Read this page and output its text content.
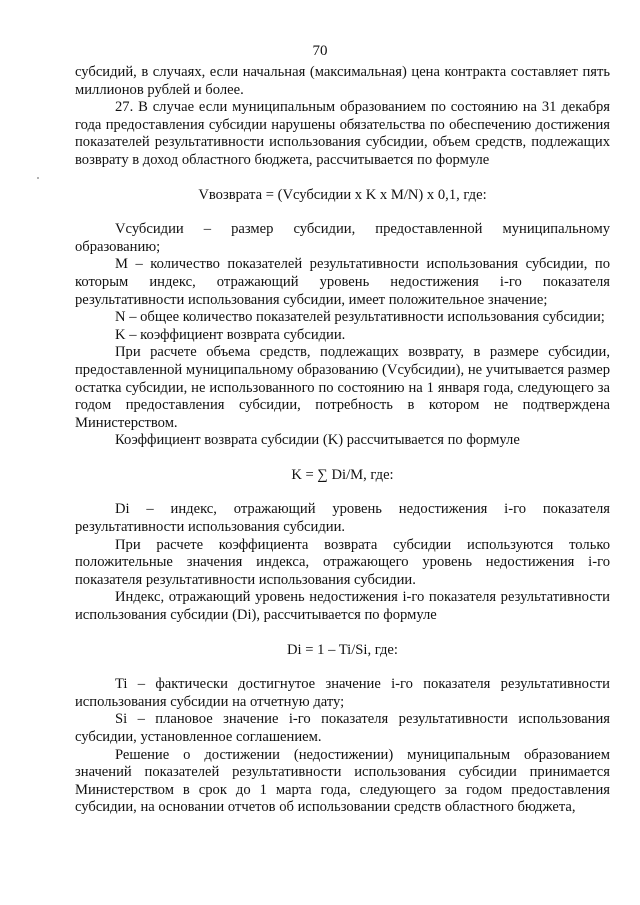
70

субсидий, в случаях, если начальная (максимальная) цена контракта составляет пять миллионов рублей и более.

27. В случае если муниципальным образованием по состоянию на 31 декабря года предоставления субсидии нарушены обязательства по обеспечению достижения показателей результативности использования субсидии, объем средств, подлежащих возврату в доход областного бюджета, рассчитывается по формуле

Vвозврата = (Vсубсидии x K x M/N) x 0,1, где:

Vсубсидии – размер субсидии, предоставленной муниципальному образованию;

M – количество показателей результативности использования субсидии, по которым индекс, отражающий уровень недостижения i-го показателя результативности использования субсидии, имеет положительное значение;

N – общее количество показателей результативности использования субсидии;

K – коэффициент возврата субсидии.

При расчете объема средств, подлежащих возврату, в размере субсидии, предоставленной муниципальному образованию (Vсубсидии), не учитывается размер остатка субсидии, не использованного по состоянию на 1 января года, следующего за годом предоставления субсидии, потребность в котором не подтверждена Министерством.

Коэффициент возврата субсидии (K) рассчитывается по формуле

K = ∑ Di/M, где:

Di – индекс, отражающий уровень недостижения i-го показателя результативности использования субсидии.

При расчете коэффициента возврата субсидии используются только положительные значения индекса, отражающего уровень недостижения i-го показателя результативности использования субсидии.

Индекс, отражающий уровень недостижения i-го показателя результативности использования субсидии (Di), рассчитывается по формуле

Di = 1 – Ti/Si, где:

Ti – фактически достигнутое значение i-го показателя результативности использования субсидии на отчетную дату;

Si – плановое значение i-го показателя результативности использования субсидии, установленное соглашением.

Решение о достижении (недостижении) муниципальным образованием значений показателей результативности использования субсидии принимается Министерством в срок до 1 марта года, следующего за годом предоставления субсидии, на основании отчетов об использовании средств областного бюджета,
